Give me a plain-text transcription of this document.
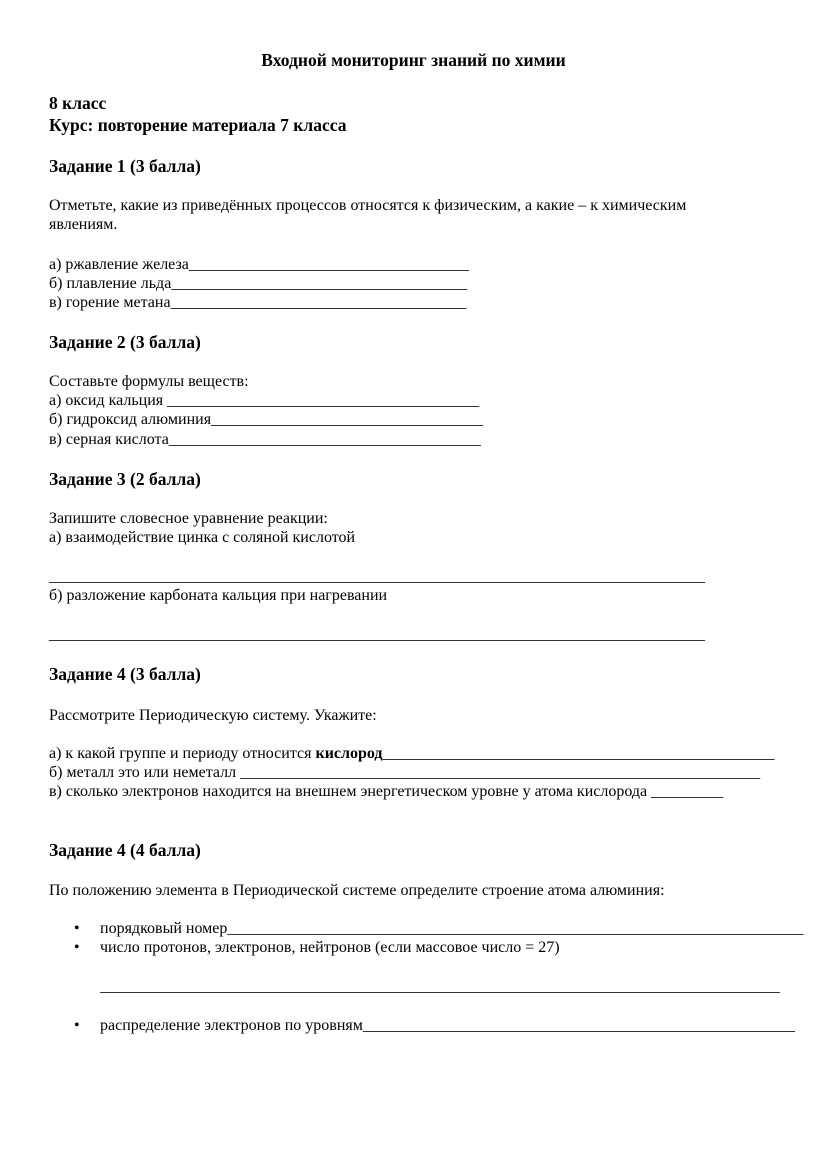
Входной мониторинг знаний по химии
8 класс
Курс: повторение материала 7 класса
Задание 1 (3 балла)
Отметьте, какие из приведённых процессов относятся к физическим, а какие – к химическим
явлениям.
а) ржавление железа___________________________________
б) плавление льда_____________________________________
в) горение метана_____________________________________
Задание 2 (3 балла)
Составьте формулы веществ:
а) оксид кальция _______________________________________
б) гидроксид алюминия__________________________________
в) серная кислота_______________________________________
Задание 3 (2 балла)
Запишите словесное уравнение реакции:
а) взаимодействие цинка с соляной кислотой
__________________________________________________________________________________
б) разложение карбоната кальция при нагревании
__________________________________________________________________________________
Задание 4 (3 балла)
Рассмотрите Периодическую систему. Укажите:
а) к какой группе и периоду относится кислород_________________________________________________
б) металл это или неметалл _________________________________________________________________
в) сколько электронов находится на внешнем энергетическом уровне у атома кислорода _________
Задание 4 (4 балла)
По положению элемента в Периодической системе определите строение атома алюминия:
• порядковый номер________________________________________________________________________
• число протонов, электронов, нейтронов (если массовое число = 27)
_____________________________________________________________________________________
• распределение электронов по уровням______________________________________________________
